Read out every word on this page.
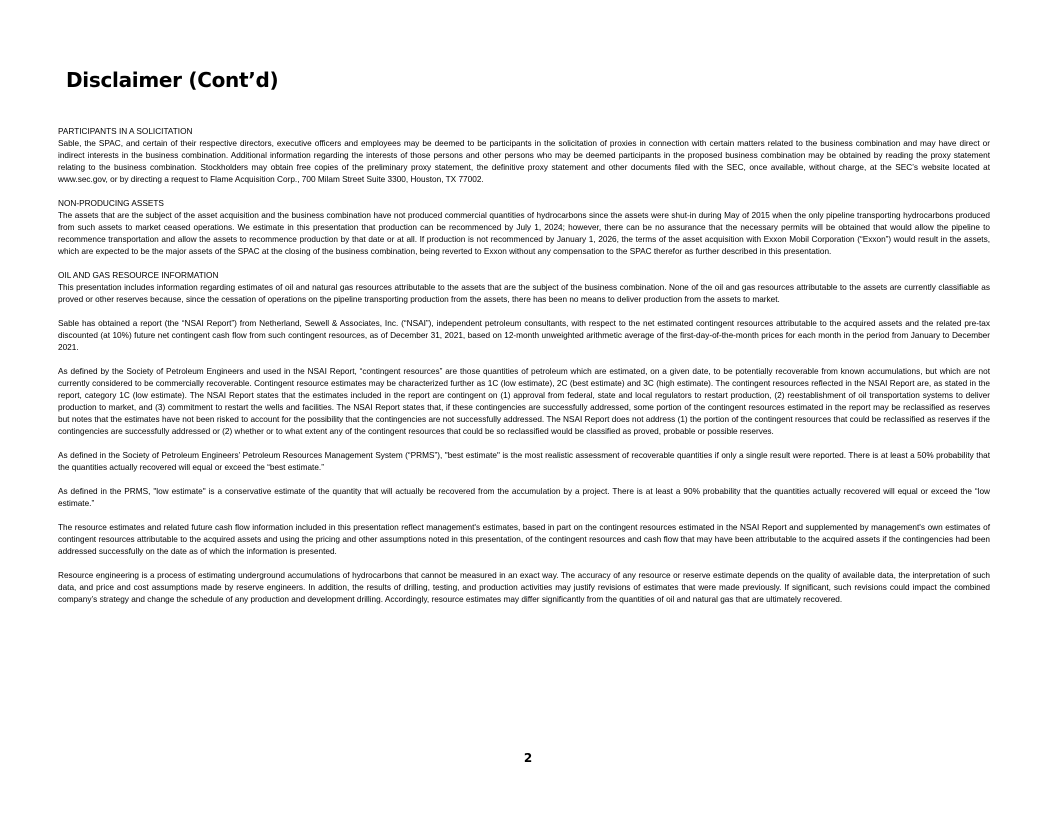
Disclaimer (Cont’d)

PARTICIPANTS IN A SOLICITATION

Sable, the SPAC, and certain of their respective directors, executive officers and employees may be deemed to be participants in the solicitation of proxies in connection with certain matters related to the business combination and may have direct or indirect interests in the business combination. Additional information regarding the interests of those persons and other persons who may be deemed participants in the proposed business combination may be obtained by reading the proxy statement relating to the business combination. Stockholders may obtain free copies of the preliminary proxy statement, the definitive proxy statement and other documents filed with the SEC, once available, without charge, at the SEC’s website located at www.sec.gov, or by directing a request to Flame Acquisition Corp., 700 Milam Street Suite 3300, Houston, TX 77002.

NON-PRODUCING ASSETS

The assets that are the subject of the asset acquisition and the business combination have not produced commercial quantities of hydrocarbons since the assets were shut-in during May of 2015 when the only pipeline transporting hydrocarbons produced from such assets to market ceased operations. We estimate in this presentation that production can be recommenced by July 1, 2024; however, there can be no assurance that the necessary permits will be obtained that would allow the pipeline to recommence transportation and allow the assets to recommence production by that date or at all. If production is not recommenced by January 1, 2026, the terms of the asset acquisition with Exxon Mobil Corporation (“Exxon”) would result in the assets, which are expected to be the major assets of the SPAC at the closing of the business combination, being reverted to Exxon without any compensation to the SPAC therefor as further described in this presentation.

OIL AND GAS RESOURCE INFORMATION

This presentation includes information regarding estimates of oil and natural gas resources attributable to the assets that are the subject of the business combination. None of the oil and gas resources attributable to the assets are currently classifiable as proved or other reserves because, since the cessation of operations on the pipeline transporting production from the assets, there has been no means to deliver production from the assets to market.

Sable has obtained a report (the “NSAI Report”) from Netherland, Sewell & Associates, Inc. (“NSAI”), independent petroleum consultants, with respect to the net estimated contingent resources attributable to the acquired assets and the related pre-tax discounted (at 10%) future net contingent cash flow from such contingent resources, as of December 31, 2021, based on 12-month unweighted arithmetic average of the first-day-of-the-month prices for each month in the period from January to December 2021.

As defined by the Society of Petroleum Engineers and used in the NSAI Report, “contingent resources” are those quantities of petroleum which are estimated, on a given date, to be potentially recoverable from known accumulations, but which are not currently considered to be commercially recoverable. Contingent resource estimates may be characterized further as 1C (low estimate), 2C (best estimate) and 3C (high estimate). The contingent resources reflected in the NSAI Report are, as stated in the report, category 1C (low estimate). The NSAI Report states that the estimates included in the report are contingent on (1) approval from federal, state and local regulators to restart production, (2) reestablishment of oil transportation systems to deliver production to market, and (3) commitment to restart the wells and facilities. The NSAI Report states that, if these contingencies are successfully addressed, some portion of the contingent resources estimated in the report may be reclassified as reserves but notes that the estimates have not been risked to account for the possibility that the contingencies are not successfully addressed. The NSAI Report does not address (1) the portion of the contingent resources that could be reclassified as reserves if the contingencies are successfully addressed or (2) whether or to what extent any of the contingent resources that could be so reclassified would be classified as proved, probable or possible reserves.

As defined in the Society of Petroleum Engineers’ Petroleum Resources Management System (“PRMS”), "best estimate" is the most realistic assessment of recoverable quantities if only a single result were reported. There is at least a 50% probability that the quantities actually recovered will equal or exceed the “best estimate.”

As defined in the PRMS, "low estimate" is a conservative estimate of the quantity that will actually be recovered from the accumulation by a project. There is at least a 90% probability that the quantities actually recovered will equal or exceed the “low estimate.”

The resource estimates and related future cash flow information included in this presentation reflect management's estimates, based in part on the contingent resources estimated in the NSAI Report and supplemented by management's own estimates of contingent resources attributable to the acquired assets and using the pricing and other assumptions noted in this presentation, of the contingent resources and cash flow that may have been attributable to the acquired assets if the contingencies had been addressed successfully on the date as of which the information is presented.

Resource engineering is a process of estimating underground accumulations of hydrocarbons that cannot be measured in an exact way. The accuracy of any resource or reserve estimate depends on the quality of available data, the interpretation of such data, and price and cost assumptions made by reserve engineers. In addition, the results of drilling, testing, and production activities may justify revisions of estimates that were made previously. If significant, such revisions could impact the combined company’s strategy and change the schedule of any production and development drilling. Accordingly, resource estimates may differ significantly from the quantities of oil and natural gas that are ultimately recovered.

2
